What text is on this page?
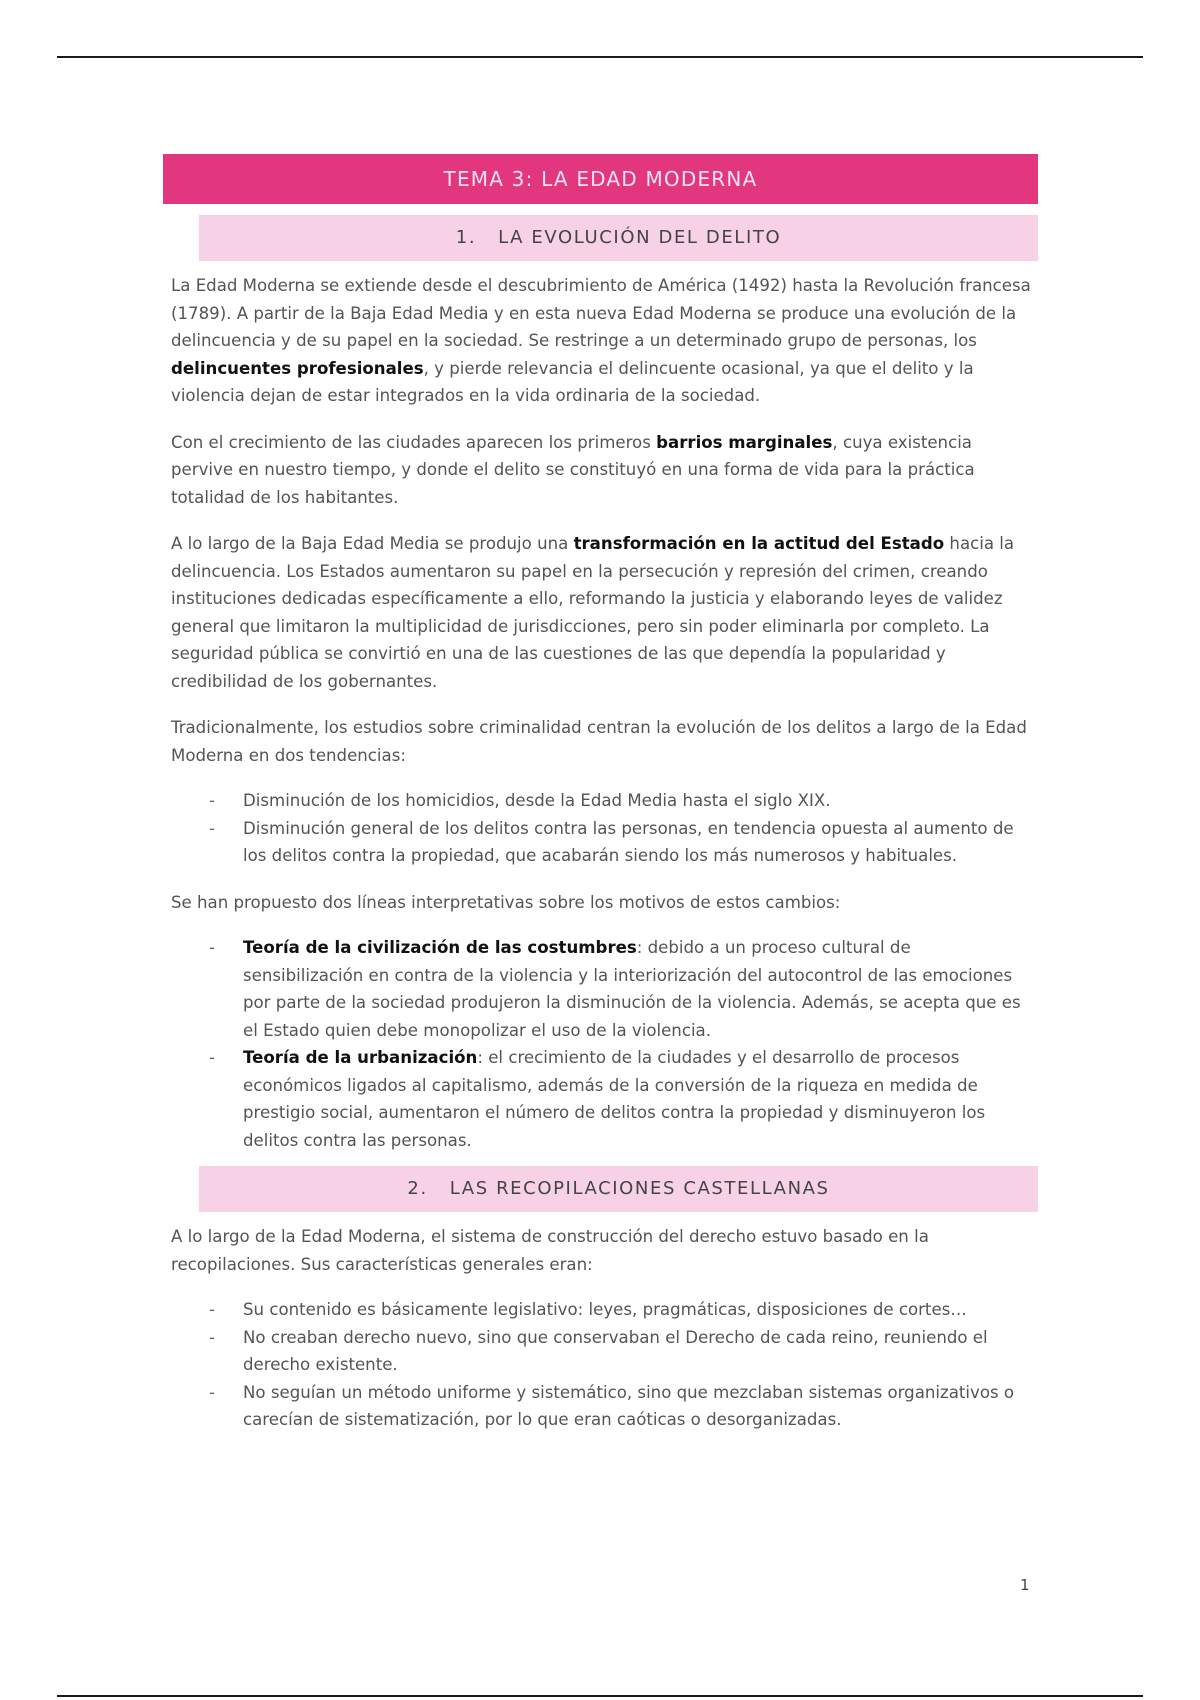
TEMA 3: LA EDAD MODERNA
1. LA EVOLUCIÓN DEL DELITO

La Edad Moderna se extiende desde el descubrimiento de América (1492) hasta la Revolución francesa (1789). A partir de la Baja Edad Media y en esta nueva Edad Moderna se produce una evolución de la delincuencia y de su papel en la sociedad. Se restringe a un determinado grupo de personas, los delincuentes profesionales, y pierde relevancia el delincuente ocasional, ya que el delito y la violencia dejan de estar integrados en la vida ordinaria de la sociedad.

Con el crecimiento de las ciudades aparecen los primeros barrios marginales, cuya existencia pervive en nuestro tiempo, y donde el delito se constituyó en una forma de vida para la práctica totalidad de los habitantes.

A lo largo de la Baja Edad Media se produjo una transformación en la actitud del Estado hacia la delincuencia. Los Estados aumentaron su papel en la persecución y represión del crimen, creando instituciones dedicadas específicamente a ello, reformando la justicia y elaborando leyes de validez general que limitaron la multiplicidad de jurisdicciones, pero sin poder eliminarla por completo. La seguridad pública se convirtió en una de las cuestiones de las que dependía la popularidad y credibilidad de los gobernantes.

Tradicionalmente, los estudios sobre criminalidad centran la evolución de los delitos a largo de la Edad Moderna en dos tendencias:

- Disminución de los homicidios, desde la Edad Media hasta el siglo XIX.
- Disminución general de los delitos contra las personas, en tendencia opuesta al aumento de los delitos contra la propiedad, que acabarán siendo los más numerosos y habituales.

Se han propuesto dos líneas interpretativas sobre los motivos de estos cambios:

- Teoría de la civilización de las costumbres: debido a un proceso cultural de sensibilización en contra de la violencia y la interiorización del autocontrol de las emociones por parte de la sociedad produjeron la disminución de la violencia. Además, se acepta que es el Estado quien debe monopolizar el uso de la violencia.
- Teoría de la urbanización: el crecimiento de la ciudades y el desarrollo de procesos económicos ligados al capitalismo, además de la conversión de la riqueza en medida de prestigio social, aumentaron el número de delitos contra la propiedad y disminuyeron los delitos contra las personas.
2. LAS RECOPILACIONES CASTELLANAS

A lo largo de la Edad Moderna, el sistema de construcción del derecho estuvo basado en la recopilaciones. Sus características generales eran:

- Su contenido es básicamente legislativo: leyes, pragmáticas, disposiciones de cortes…
- No creaban derecho nuevo, sino que conservaban el Derecho de cada reino, reuniendo el derecho existente.
- No seguían un método uniforme y sistemático, sino que mezclaban sistemas organizativos o carecían de sistematización, por lo que eran caóticas o desorganizadas.
1
